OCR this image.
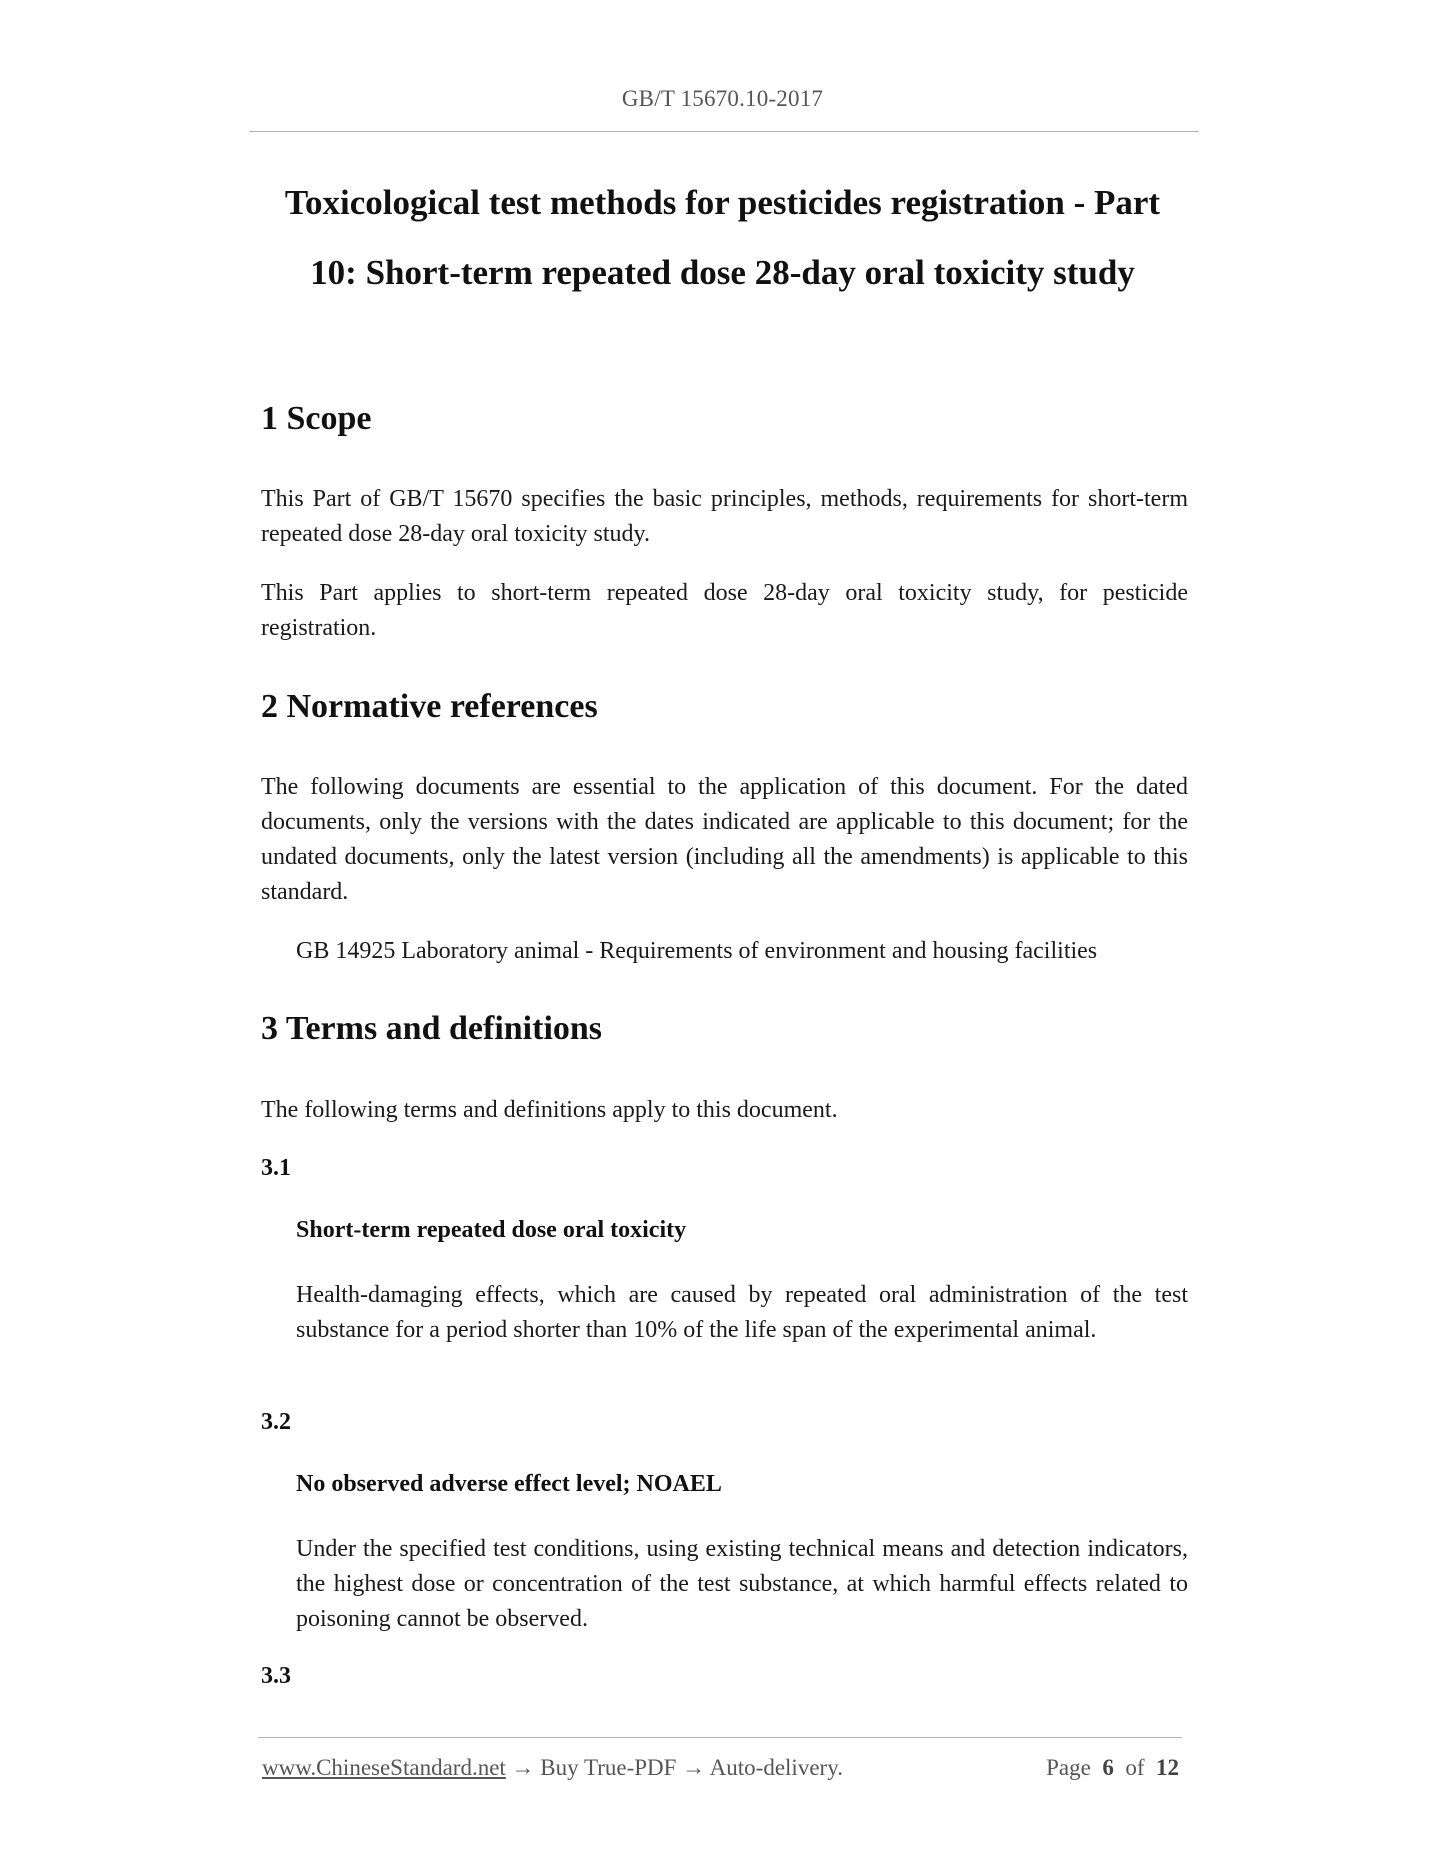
GB/T 15670.10-2017
Toxicological test methods for pesticides registration - Part
10: Short-term repeated dose 28-day oral toxicity study
1 Scope
This Part of GB/T 15670 specifies the basic principles, methods, requirements for short-term repeated dose 28-day oral toxicity study.
This Part applies to short-term repeated dose 28-day oral toxicity study, for pesticide registration.
2 Normative references
The following documents are essential to the application of this document. For the dated documents, only the versions with the dates indicated are applicable to this document; for the undated documents, only the latest version (including all the amendments) is applicable to this standard.
GB 14925 Laboratory animal - Requirements of environment and housing facilities
3 Terms and definitions
The following terms and definitions apply to this document.
3.1
Short-term repeated dose oral toxicity
Health-damaging effects, which are caused by repeated oral administration of the test substance for a period shorter than 10% of the life span of the experimental animal.
3.2
No observed adverse effect level; NOAEL
Under the specified test conditions, using existing technical means and detection indicators, the highest dose or concentration of the test substance, at which harmful effects related to poisoning cannot be observed.
3.3
www.ChineseStandard.net → Buy True-PDF → Auto-delivery.	Page 6 of 12
